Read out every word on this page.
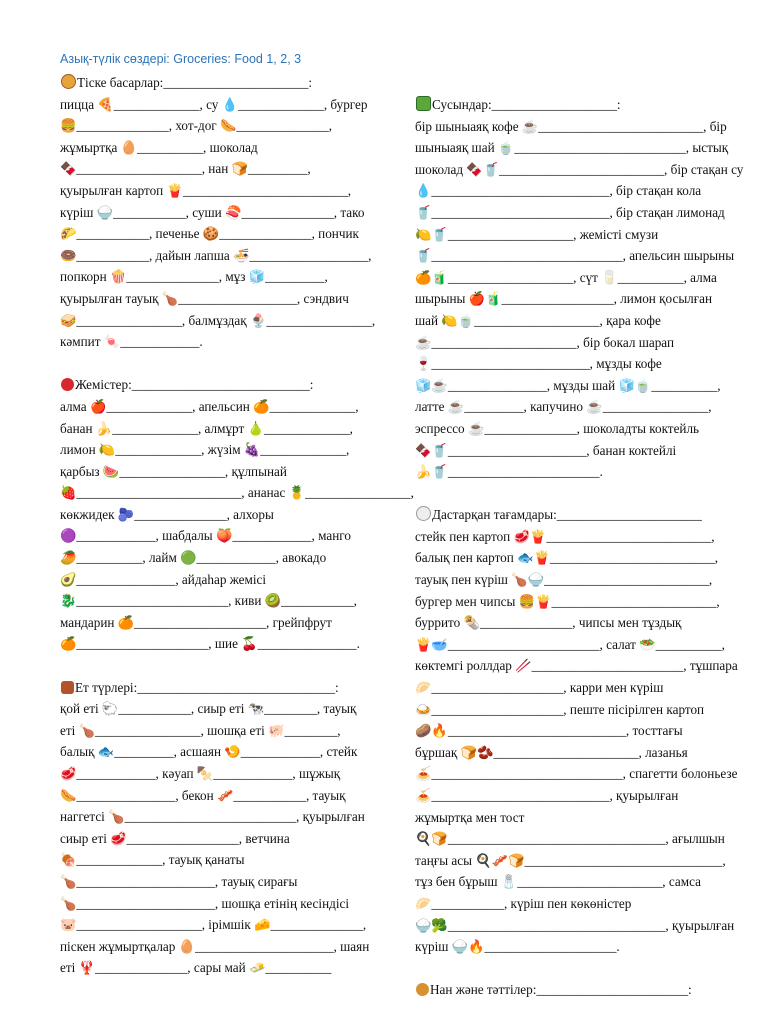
Азық-түлік сөздері: Groceries: Food 1, 2, 3
Тіске басарлар:______________________:
пицца 🍕_____________, су 💧_____________, бургер
🍔______________, хот-дог 🌭______________,
жұмыртқа 🥚__________, шоколад
🍫___________________, нан 🍞_________,
қуырылған картоп 🍟_________________________,
күріш 🍚___________, суши 🍣______________, тако
🌮___________, печенье 🍪______________, пончик
🍩___________, дайын лапша 🍜__________________,
попкорн 🍿______________, мұз 🧊_________,
қуырылған тауық 🍗__________________, сэндвич
🥪________________, балмұздақ 🍨________________,
кәмпит 🍬____________.
Жемістер:___________________________:
алма 🍎_____________, апельсин 🍊_____________,
банан 🍌_____________, алмұрт 🍐_____________,
лимон 🍋_____________, жүзім 🍇_____________,
қарбыз 🍉________________, құлпынай
🍓_________________________, ананас 🍍________________,
көкжидек 🫐______________, алхоры
🟣____________, шабдалы 🍑____________, манго
🥭__________, лайм 🟢____________, авокадо
🥑_______________, айдаһар жемісі
🐉_______________________, киви 🥝___________,
мандарин 🍊____________________, грейпфрут
🍊____________________, шие 🍒_______________.
Ет түрлері:______________________________:
қой еті 🐑___________, сиыр еті 🐄________, тауық
еті 🍗________________, шошқа еті 🐖________,
балық 🐟_________, асшаян 🍤____________, стейк
🥩____________, кәуап 🍢____________, шұжық
🌭_______________, бекон 🥓___________, тауық
наггетсі 🍗__________________________, қуырылған
сиыр еті 🥩_________________, ветчина
🍖_____________, тауық қанаты
🍗_____________________, тауық сирағы
🍗_____________________, шошқа етінің кесіндісі
🐷___________________, ірімшік 🧀______________,
піскен жұмыртқалар 🥚_____________________, шаян
еті 🦞______________, сары май 🧈__________
Сусындар:___________________:
бір шыныаяқ кофе ☕_________________________, бір
шыныаяқ шай 🍵__________________________, ыстық
шоколад 🍫🥤_________________________, бір стақан су
💧___________________________, бір стақан кола
🥤___________________________, бір стақан лимонад
🍋🥤___________________, жемісті смузи
🥤_____________________________, апельсин шырыны
🍊🧃___________________, сүт 🥛__________, алма
шырыны 🍎🧃_________________, лимон қосылған
шай 🍋🍵___________________, қара кофе
☕______________________, бір бокал шарап
🍷________________________, мұзды кофе
🧊☕_______________, мұзды шай 🧊🍵__________,
латте ☕_________, капучино ☕________________,
эспрессо ☕______________, шоколадты коктейль
🍫🥤_____________________, банан коктейлі
🍌🥤_______________________.
Дастарқан тағамдары:______________________
стейк пен картоп 🥩🍟_________________________,
балық пен картоп 🐟🍟_________________________,
тауық пен күріш 🍗🍚_________________________,
бургер мен чипсы 🍔🍟_________________________,
буррито 🌯______________, чипсы мен тұздық
🍟🥣_______________________, салат 🥗__________,
көктемгі роллдар 🥢_______________________, тұшпара
🥟____________________, карри мен күріш
🍛____________________, пеште пісірілген картоп
🥔🔥___________________________, тосттағы
бұршақ 🍞🫘______________________, лазанья
🍝_____________________________, спагетти болоньезе
🍝___________________________, қуырылған
жұмыртқа мен тост
🍳🍞_________________________________, ағылшын
таңғы асы 🍳🥓🍞______________________________,
тұз бен бұрыш 🧂______________________, самса
🥟___________, күріш пен көкөністер
🍚🥦_________________________________, қуырылған
күріш 🍚🔥____________________.
Нан және тәттілер:_______________________:
